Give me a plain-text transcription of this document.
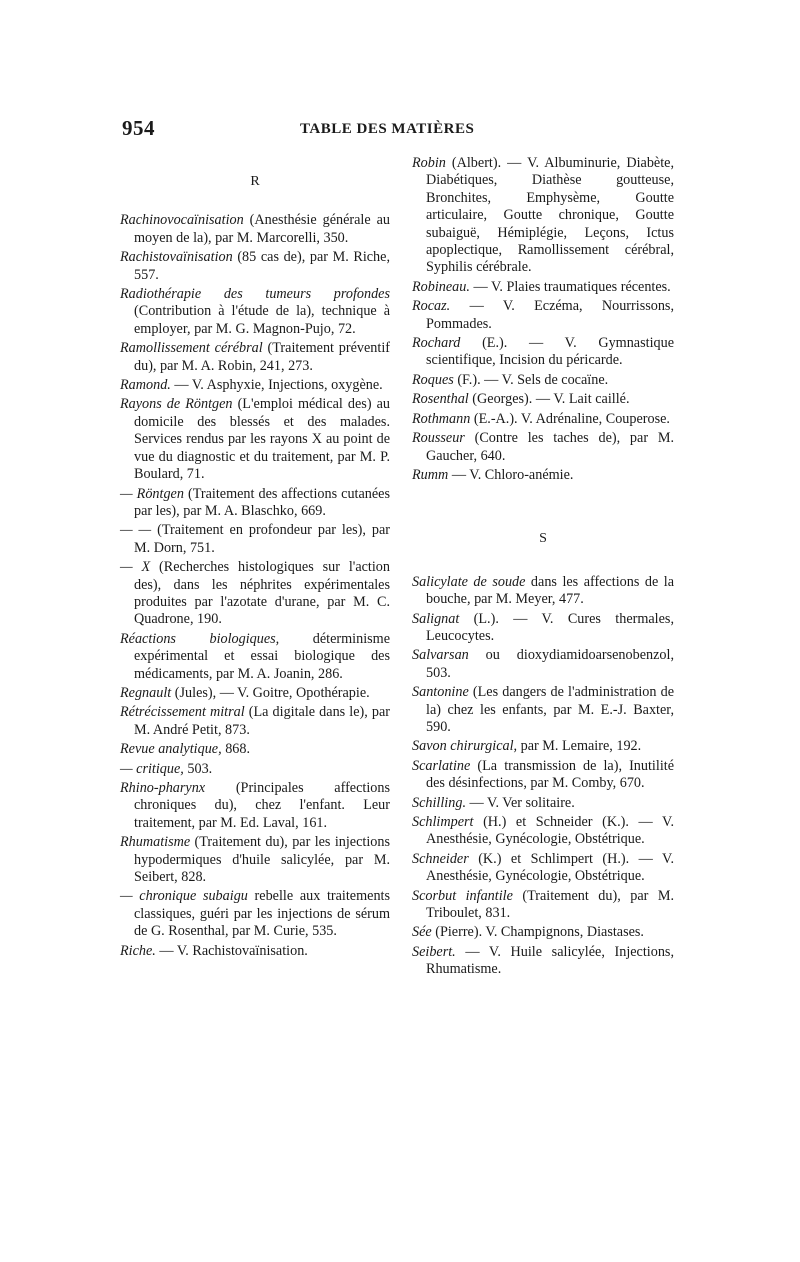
954	TABLE DES MATIÈRES
R
Rachinovocaïnisation (Anesthésie générale au moyen de la), par M. Marcorelli, 350.
Rachistovaïnisation (85 cas de), par M. Riche, 557.
Radiothérapie des tumeurs profondes (Contribution à l'étude de la), technique à employer, par M. G. Magnon-Pujo, 72.
Ramollissement cérébral (Traitement préventif du), par M. A. Robin, 241, 273.
Ramond. — V. Asphyxie, Injections, oxygène.
Rayons de Röntgen (L'emploi médical des) au domicile des blessés et des malades. Services rendus par les rayons X au point de vue du diagnostic et du traitement, par M. P. Boulard, 71.
— Röntgen (Traitement des affections cutanées par les), par M. A. Blaschko, 669.
— — (Traitement en profondeur par les), par M. Dorn, 751.
— X (Recherches histologiques sur l'action des), dans les néphrites expérimentales produites par l'azotate d'urane, par M. C. Quadrone, 190.
Réactions biologiques, déterminisme expérimental et essai biologique des médicaments, par M. A. Joanin, 286.
Regnault (Jules), — V. Goitre, Opothérapie.
Rétrécissement mitral (La digitale dans le), par M. André Petit, 873.
Revue analytique, 868.
— critique, 503.
Rhino-pharynx (Principales affections chroniques du), chez l'enfant. Leur traitement, par M. Ed. Laval, 161.
Rhumatisme (Traitement du), par les injections hypodermiques d'huile salicylée, par M. Seibert, 828.
— chronique subaigu rebelle aux traitements classiques, guéri par les injections de sérum de G. Rosenthal, par M. Curie, 535.
Riche. — V. Rachistovaïnisation.
Robin (Albert). — V. Albuminurie, Diabète, Diabétiques, Diathèse goutteuse, Bronchites, Emphysème, Goutte articulaire, Goutte chronique, Goutte subaiguë, Hémiplégie, Leçons, Ictus apoplectique, Ramollissement cérébral, Syphilis cérébrale.
Robineau. — V. Plaies traumatiques récentes.
Rocaz. — V. Eczéma, Nourrissons, Pommades.
Rochard (E.). — V. Gymnastique scientifique, Incision du péricarde.
Roques (F.). — V. Sels de cocaïne.
Rosenthal (Georges). — V. Lait caillé.
Rothmann (E.-A.). V. Adrénaline, Couperose.
Rousseur (Contre les taches de), par M. Gaucher, 640.
Rumm — V. Chloro-anémie.
S
Salicylate de soude dans les affections de la bouche, par M. Meyer, 477.
Salignat (L.). — V. Cures thermales, Leucocytes.
Salvarsan ou dioxydiamidoarsenobenzol, 503.
Santonine (Les dangers de l'administration de la) chez les enfants, par M. E.-J. Baxter, 590.
Savon chirurgical, par M. Lemaire, 192.
Scarlatine (La transmission de la), Inutilité des désinfections, par M. Comby, 670.
Schilling. — V. Ver solitaire.
Schlimpert (H.) et Schneider (K.). — V. Anesthésie, Gynécologie, Obstétrique.
Schneider (K.) et Schlimpert (H.). — V. Anesthésie, Gynécologie, Obstétrique.
Scorbut infantile (Traitement du), par M. Triboulet, 831.
Sée (Pierre). V. Champignons, Diastases.
Seibert. — V. Huile salicylée, Injections, Rhumatisme.
